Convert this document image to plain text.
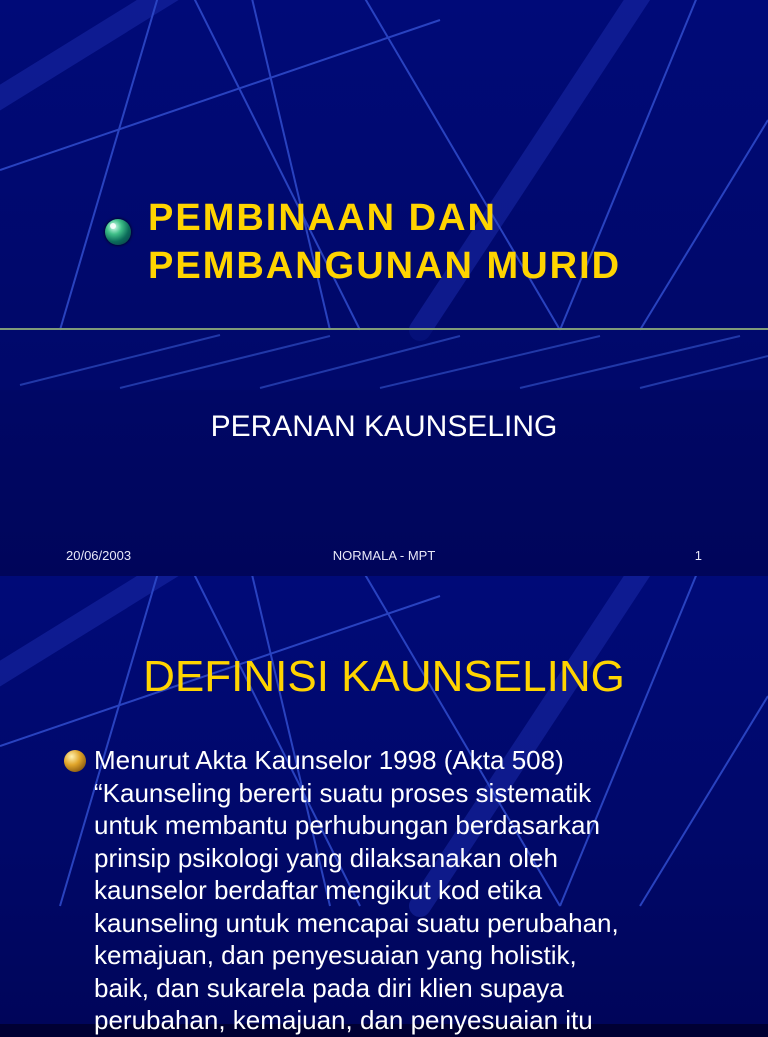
PEMBINAAN DAN
PEMBANGUNAN MURID
PERANAN KAUNSELING
20/06/2003	NORMALA - MPT	1
DEFINISI KAUNSELING
Menurut Akta Kaunselor 1998 (Akta 508)
“Kaunseling bererti suatu proses sistematik
untuk membantu perhubungan berdasarkan
prinsip psikologi yang dilaksanakan oleh
kaunselor berdaftar mengikut kod etika
kaunseling untuk mencapai suatu perubahan,
kemajuan, dan penyesuaian yang holistik,
baik, dan sukarela pada diri klien supaya
perubahan, kemajuan, dan penyesuaian itu
